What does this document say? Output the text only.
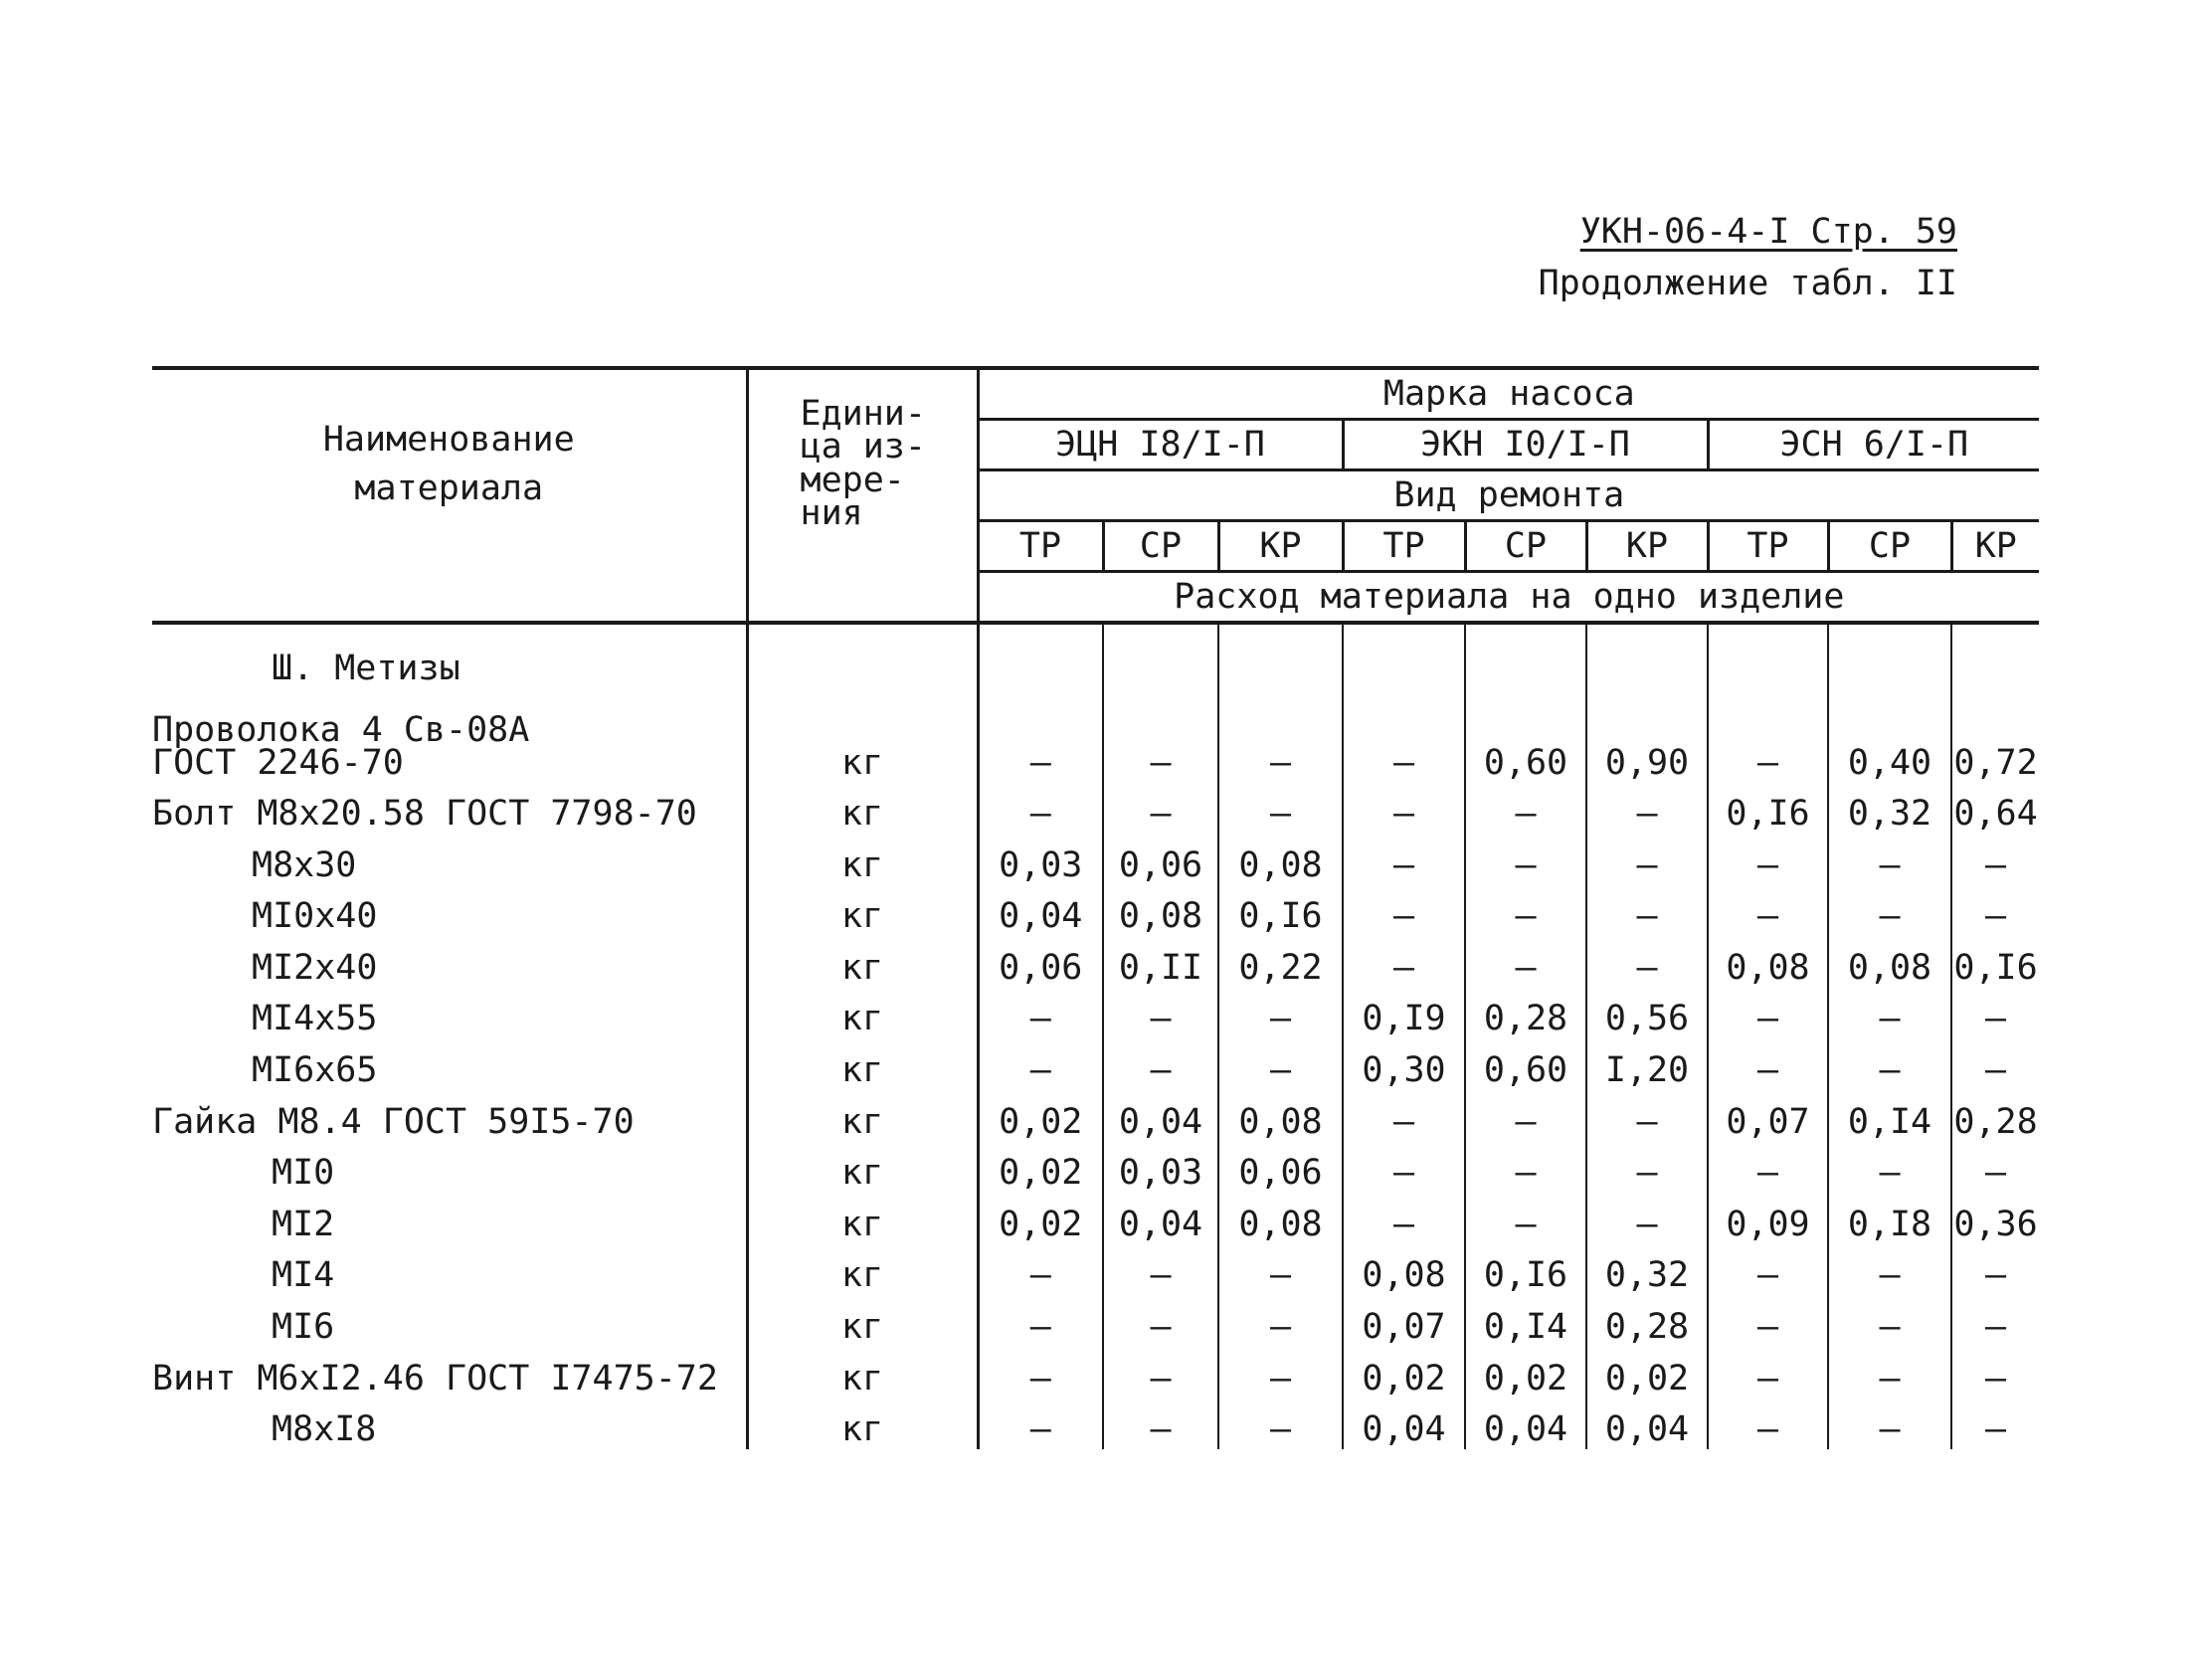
УКН-06-4-I Стр. 59
Продолжение табл. II
Наименование
материала	Едини-
ца из-
мере-
ния	Марка насоса								
		ЭЦН I8/I-П			ЭКН I0/I-П			ЭСН 6/I-П		
		Вид ремонта								
		ТР	СР	КР	ТР	СР	КР	ТР	СР	КР
		Расход материала на одно изделие								
Ш. Метизы										
Проволока 4 Св-08А
ГОСТ 2246-70	кг	–	–	–	–	0,60	0,90	–	0,40	0,72
Болт М8х20.58 ГОСТ 7798-70	кг	–	–	–	–	–	–	0,I6	0,32	0,64
М8х30	кг	0,03	0,06	0,08	–	–	–	–	–	–
МI0х40	кг	0,04	0,08	0,I6	–	–	–	–	–	–
МI2х40	кг	0,06	0,II	0,22	–	–	–	0,08	0,08	0,I6
МI4х55	кг	–	–	–	0,I9	0,28	0,56	–	–	–
МI6х65	кг	–	–	–	0,30	0,60	I,20	–	–	–
Гайка М8.4 ГОСТ 59I5-70	кг	0,02	0,04	0,08	–	–	–	0,07	0,I4	0,28
МI0	кг	0,02	0,03	0,06	–	–	–	–	–	–
МI2	кг	0,02	0,04	0,08	–	–	–	0,09	0,I8	0,36
МI4	кг	–	–	–	0,08	0,I6	0,32	–	–	–
МI6	кг	–	–	–	0,07	0,I4	0,28	–	–	–
Винт М6хI2.46 ГОСТ I7475-72	кг	–	–	–	0,02	0,02	0,02	–	–	–
М8хI8	кг	–	–	–	0,04	0,04	0,04	–	–	–
